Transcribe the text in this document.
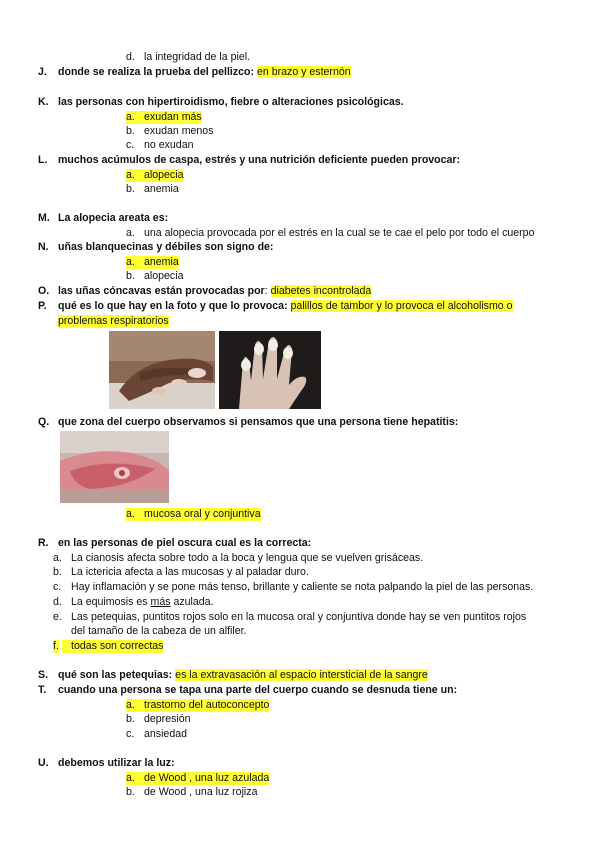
d. la integridad de la piel.
J. donde se realiza la prueba del pellizco: en brazo y esternón
K. las personas con hipertiroidismo, fiebre o alteraciones psicológicas.
a. exudan más
b. exudan menos
c. no exudan
L. muchos acúmulos de caspa, estrés y una nutrición deficiente pueden provocar:
a. alopecia
b. anemia
M. La alopecia areata es:
a. una alopecia provocada por el estrés en la cual se te cae el pelo por todo el cuerpo
N. uñas blanquecinas y débiles son signo de:
a. anemia
b. alopecia
O. las uñas cóncavas están provocadas por: diabetes incontrolada
P. qué es lo que hay en la foto y que lo provoca: palillos de tambor y lo provoca el alcoholismo o
problemas respiratorios
Q. que zona del cuerpo observamos si pensamos que una persona tiene hepatitis:
a. mucosa oral y conjuntiva
R. en las personas de piel oscura cual es la correcta:
a. La cianosis afecta sobre todo a la boca y lengua que se vuelven grisáceas.
b. La ictericia afecta a las mucosas y al paladar duro.
c. Hay inflamación y se pone más tenso, brillante y caliente se nota palpando la piel de las personas.
d. La equimosis es más azulada.
e. Las petequias, puntitos rojos solo en la mucosa oral y conjuntiva donde hay se ven puntitos rojos
del tamaño de la cabeza de un alfiler.
f.	todas son correctas
S. qué son las petequias: es la extravasación al espacio intersticial de la sangre
T. cuando una persona se tapa una parte del cuerpo cuando se desnuda tiene un:
a. trastorno del autoconcepto
b. depresión
c. ansiedad
U. debemos utilizar la luz:
a. de Wood , una luz azulada
b. de Wood , una luz rojiza
